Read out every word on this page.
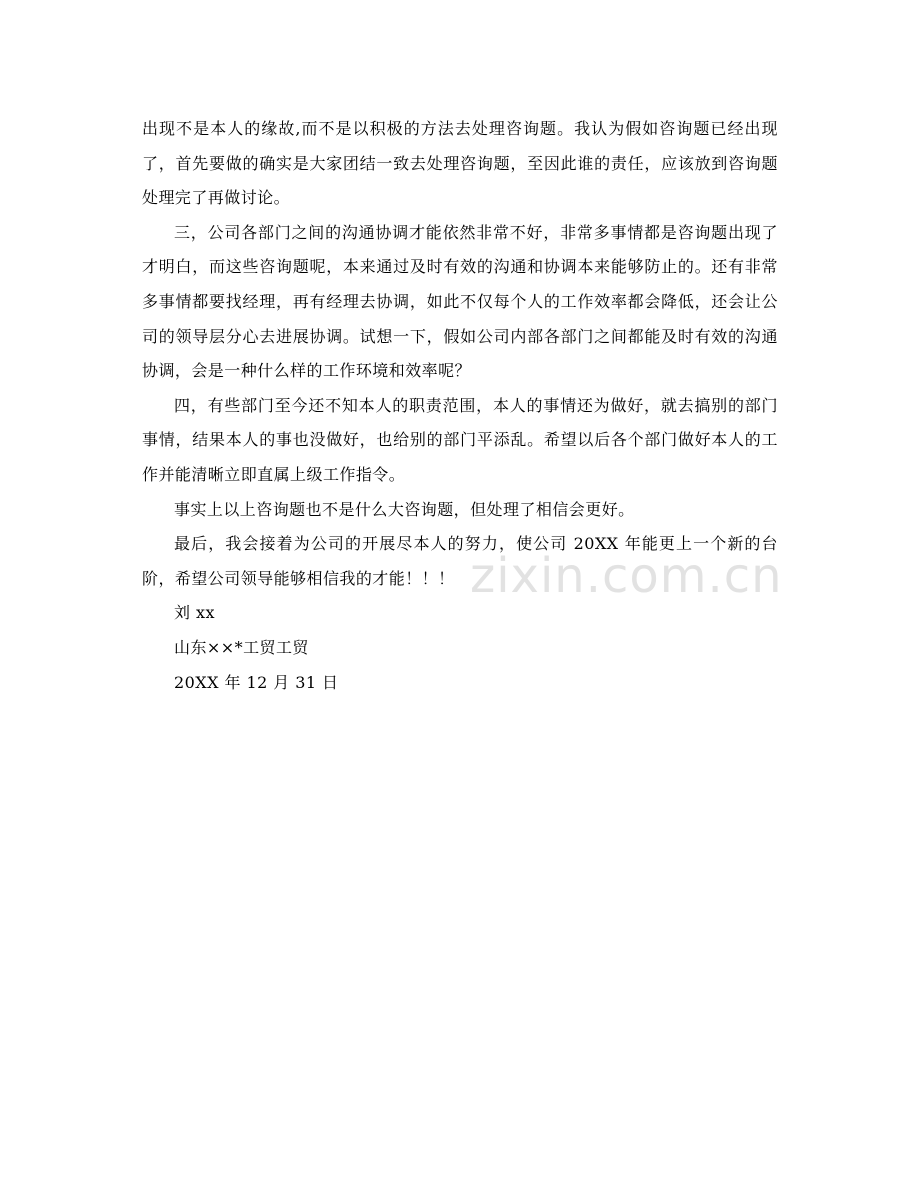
出现不是本人的缘故,而不是以积极的方法去处理咨询题。我认为假如咨询题已经出现了，首先要做的确实是大家团结一致去处理咨询题，至因此谁的责任，应该放到咨询题处理完了再做讨论。

三，公司各部门之间的沟通协调才能依然非常不好，非常多事情都是咨询题出现了才明白，而这些咨询题呢，本来通过及时有效的沟通和协调本来能够防止的。还有非常多事情都要找经理，再有经理去协调，如此不仅每个人的工作效率都会降低，还会让公司的领导层分心去进展协调。试想一下，假如公司内部各部门之间都能及时有效的沟通协调，会是一种什么样的工作环境和效率呢？

四，有些部门至今还不知本人的职责范围，本人的事情还为做好，就去搞别的部门事情，结果本人的事也没做好，也给别的部门平添乱。希望以后各个部门做好本人的工作并能清晰立即直属上级工作指令。

事实上以上咨询题也不是什么大咨询题，但处理了相信会更好。

最后，我会接着为公司的开展尽本人的努力，使公司 20XX 年能更上一个新的台阶，希望公司领导能够相信我的才能！！！

刘 xx

山东××*工贸工贸

20XX 年 12 月 31 日

zixin.com.cn
